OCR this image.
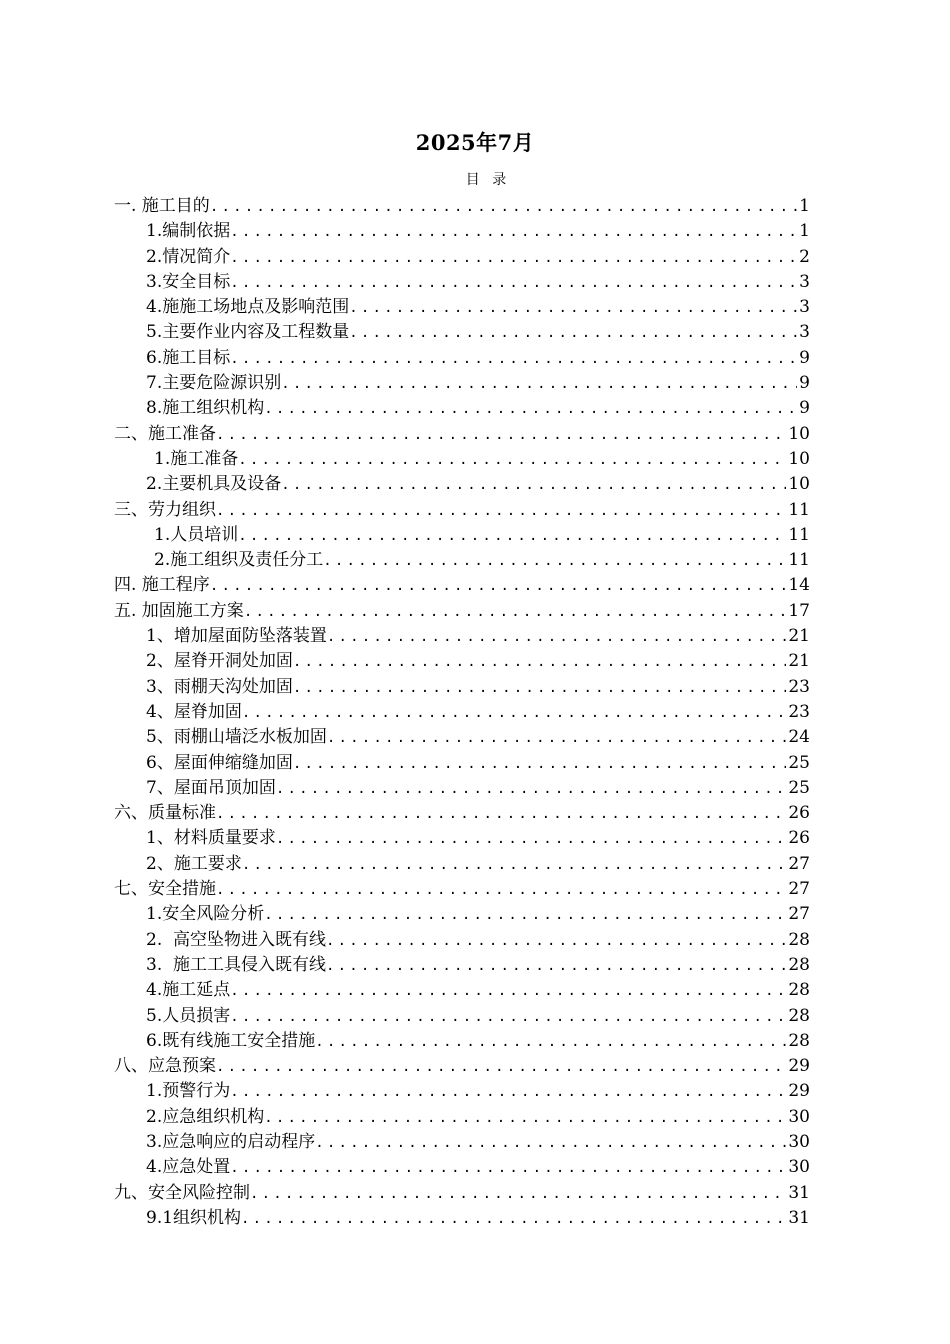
2025年7月
目 录
一. 施工目的 .....	1
1.编制依据 .....	1
2.情况简介 .....	2
3.安全目标 .....	3
4.施施工场地点及影响范围 .....	3
5.主要作业内容及工程数量 .....	3
6.施工目标 .....	9
7.主要危险源识别 .....	9
8.施工组织机构 .....	9
二、施工准备 .....	10
1.施工准备 .....	10
2.主要机具及设备 .....	10
三、劳力组织 .....	11
1.人员培训 .....	11
2.施工组织及责任分工 .....	11
四. 施工程序 .....	14
五. 加固施工方案 .....	17
1、增加屋面防坠落装置 .....	21
2、屋脊开洞处加固 .....	21
3、雨棚天沟处加固 .....	23
4、屋脊加固 .....	23
5、雨棚山墙泛水板加固 .....	24
6、屋面伸缩缝加固 .....	25
7、屋面吊顶加固 .....	25
六、质量标准 .....	26
1、材料质量要求 .....	26
2、施工要求 .....	27
七、安全措施 .....	27
1.安全风险分析 .....	27
2.  高空坠物进入既有线 .....	28
3.  施工工具侵入既有线 .....	28
4.施工延点 .....	28
5.人员损害 .....	28
6.既有线施工安全措施 .....	28
八、应急预案 .....	29
1.预警行为 .....	29
2.应急组织机构 .....	30
3.应急响应的启动程序 .....	30
4.应急处置 .....	30
九、安全风险控制 .....	31
9.1组织机构 .....	31
